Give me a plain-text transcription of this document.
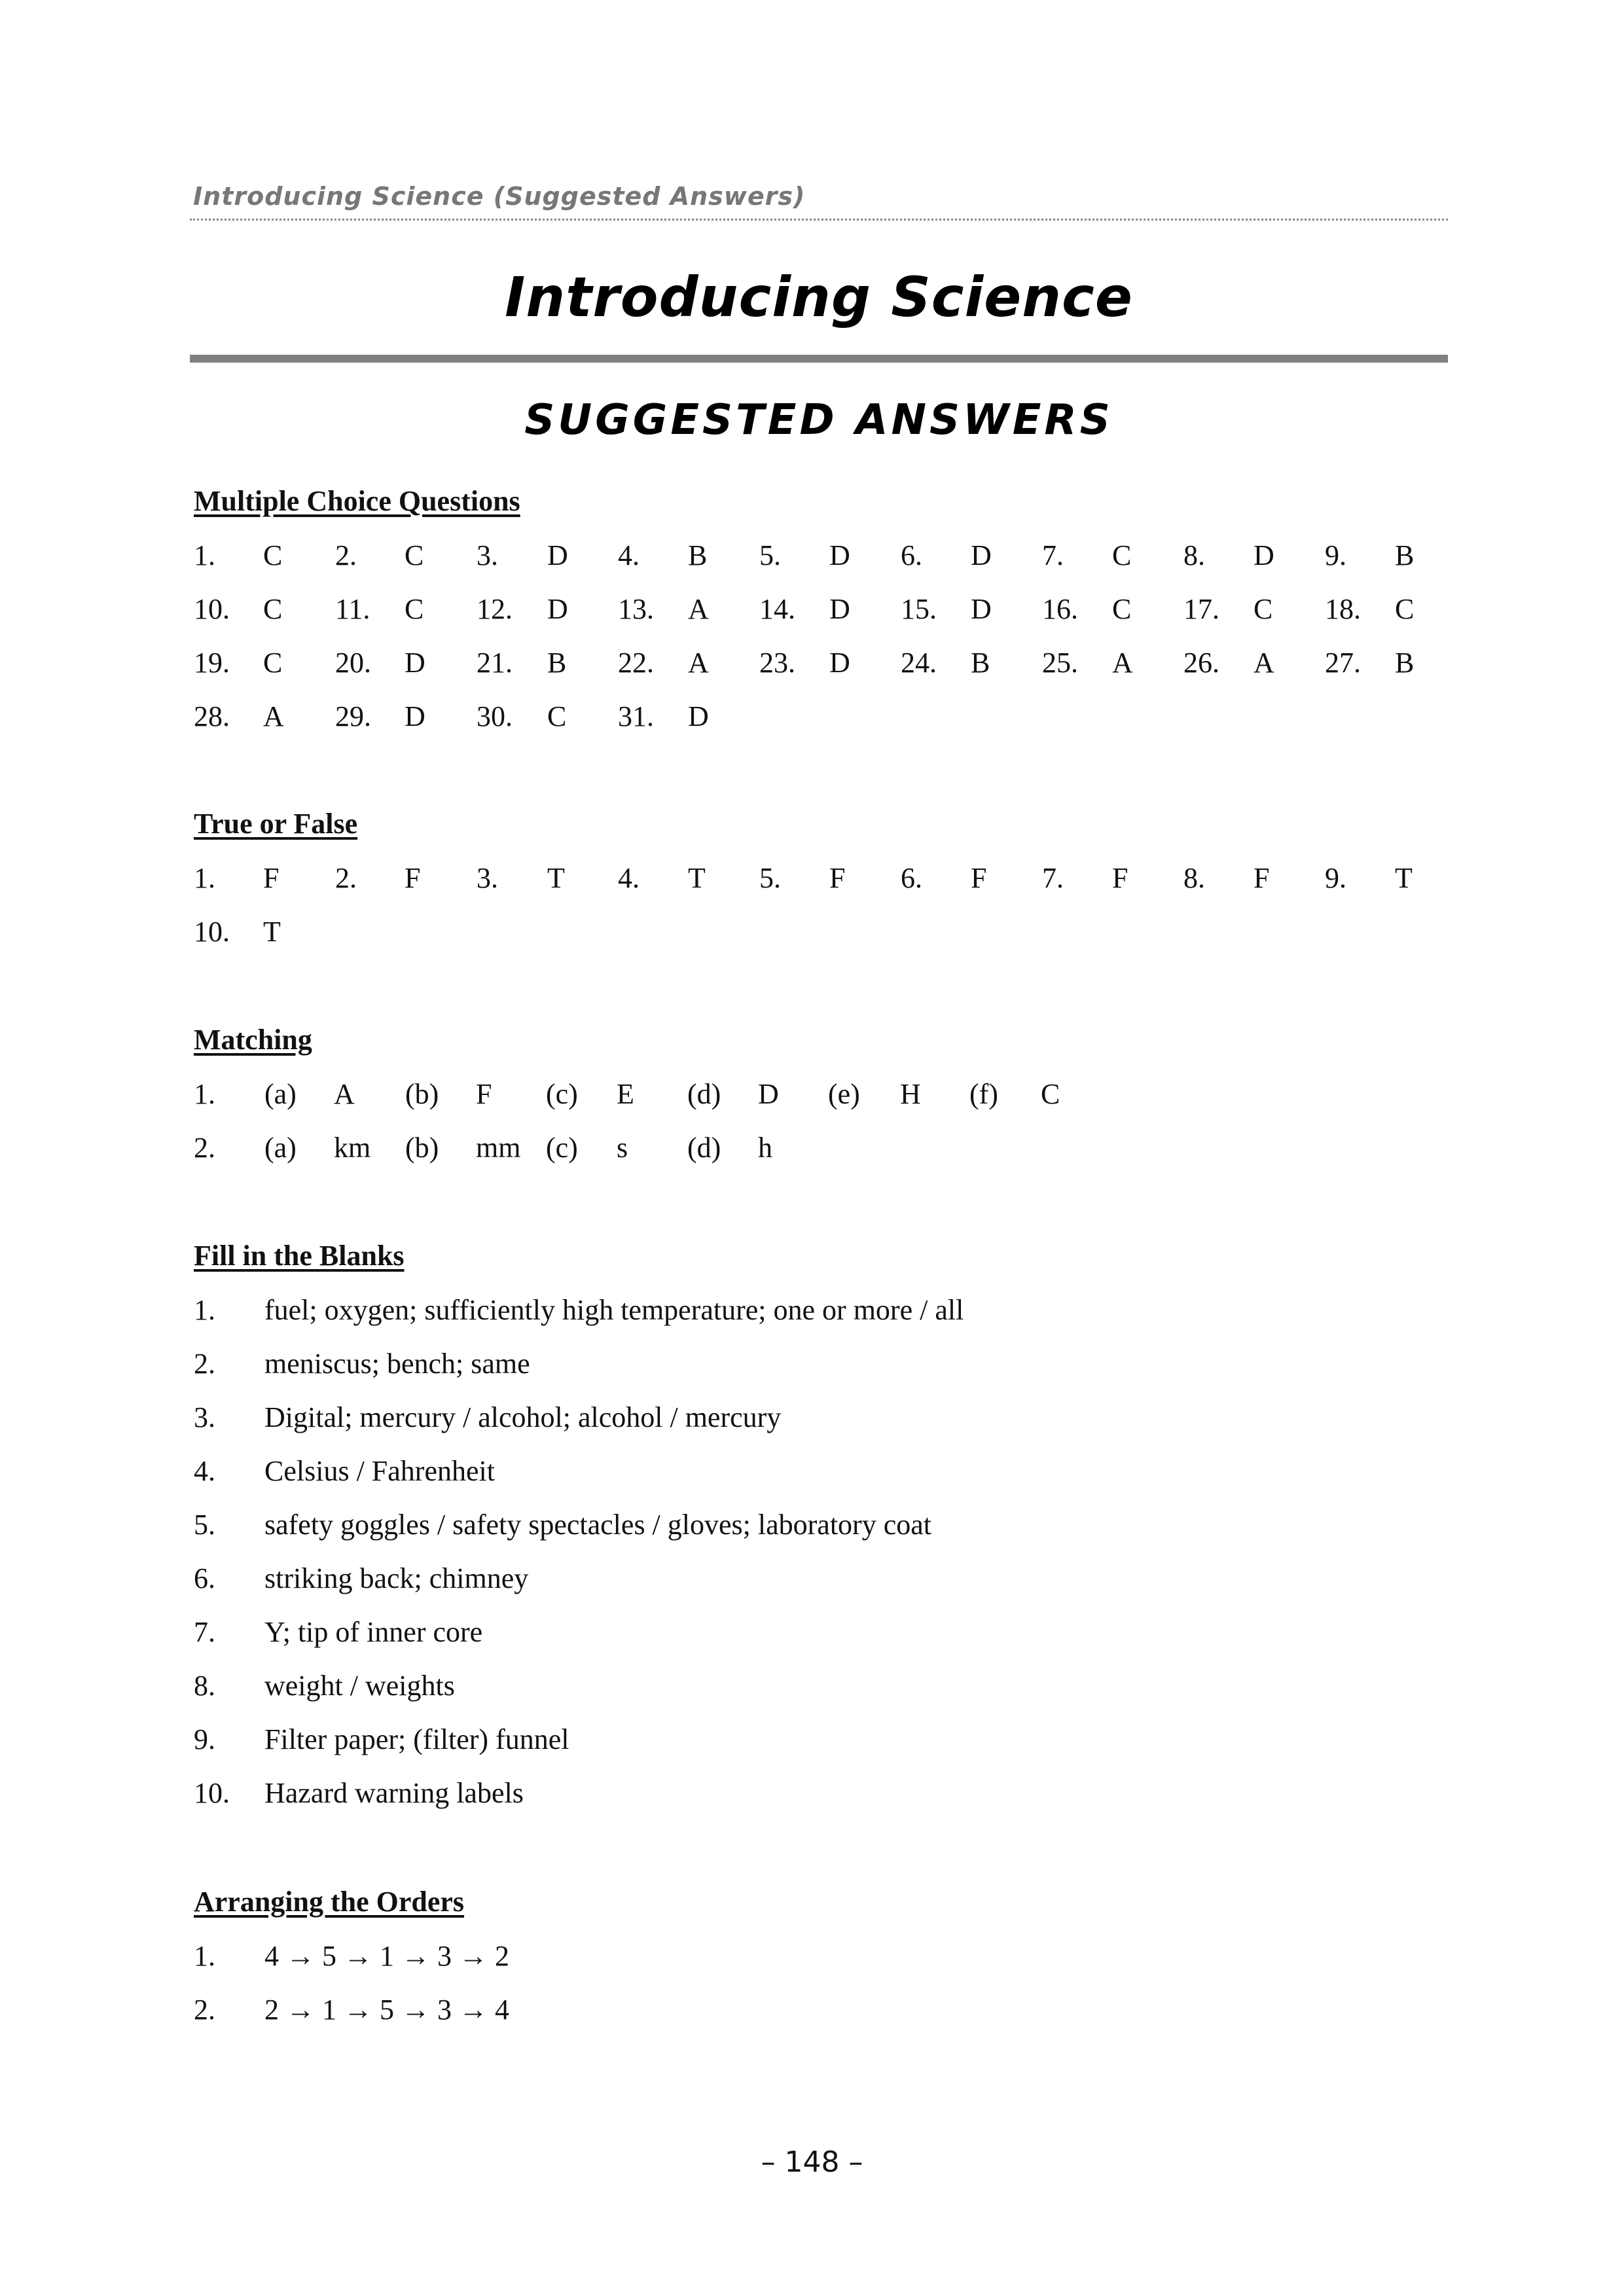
Introducing Science (Suggested Answers)
Introducing Science
SUGGESTED ANSWERS
Multiple Choice Questions
1. C 2. C 3. D 4. B 5. D 6. D 7. C 8. D 9. B
10. C 11. C 12. D 13. A 14. D 15. D 16. C 17. C 18. C
19. C 20. D 21. B 22. A 23. D 24. B 25. A 26. A 27. B
28. A 29. D 30. C 31. D
True or False
1. F 2. F 3. T 4. T 5. F 6. F 7. F 8. F 9. T
10. T
Matching
1. (a) A (b) F (c) E (d) D (e) H (f) C
2. (a) km (b) mm (c) s (d) h
Fill in the Blanks
1. fuel; oxygen; sufficiently high temperature; one or more / all
2. meniscus; bench; same
3. Digital; mercury / alcohol; alcohol / mercury
4. Celsius / Fahrenheit
5. safety goggles / safety spectacles / gloves; laboratory coat
6. striking back; chimney
7. Y; tip of inner core
8. weight / weights
9. Filter paper; (filter) funnel
10. Hazard warning labels
Arranging the Orders
1. 4 → 5 → 1 → 3 → 2
2. 2 → 1 → 5 → 3 → 4
– 148 –
